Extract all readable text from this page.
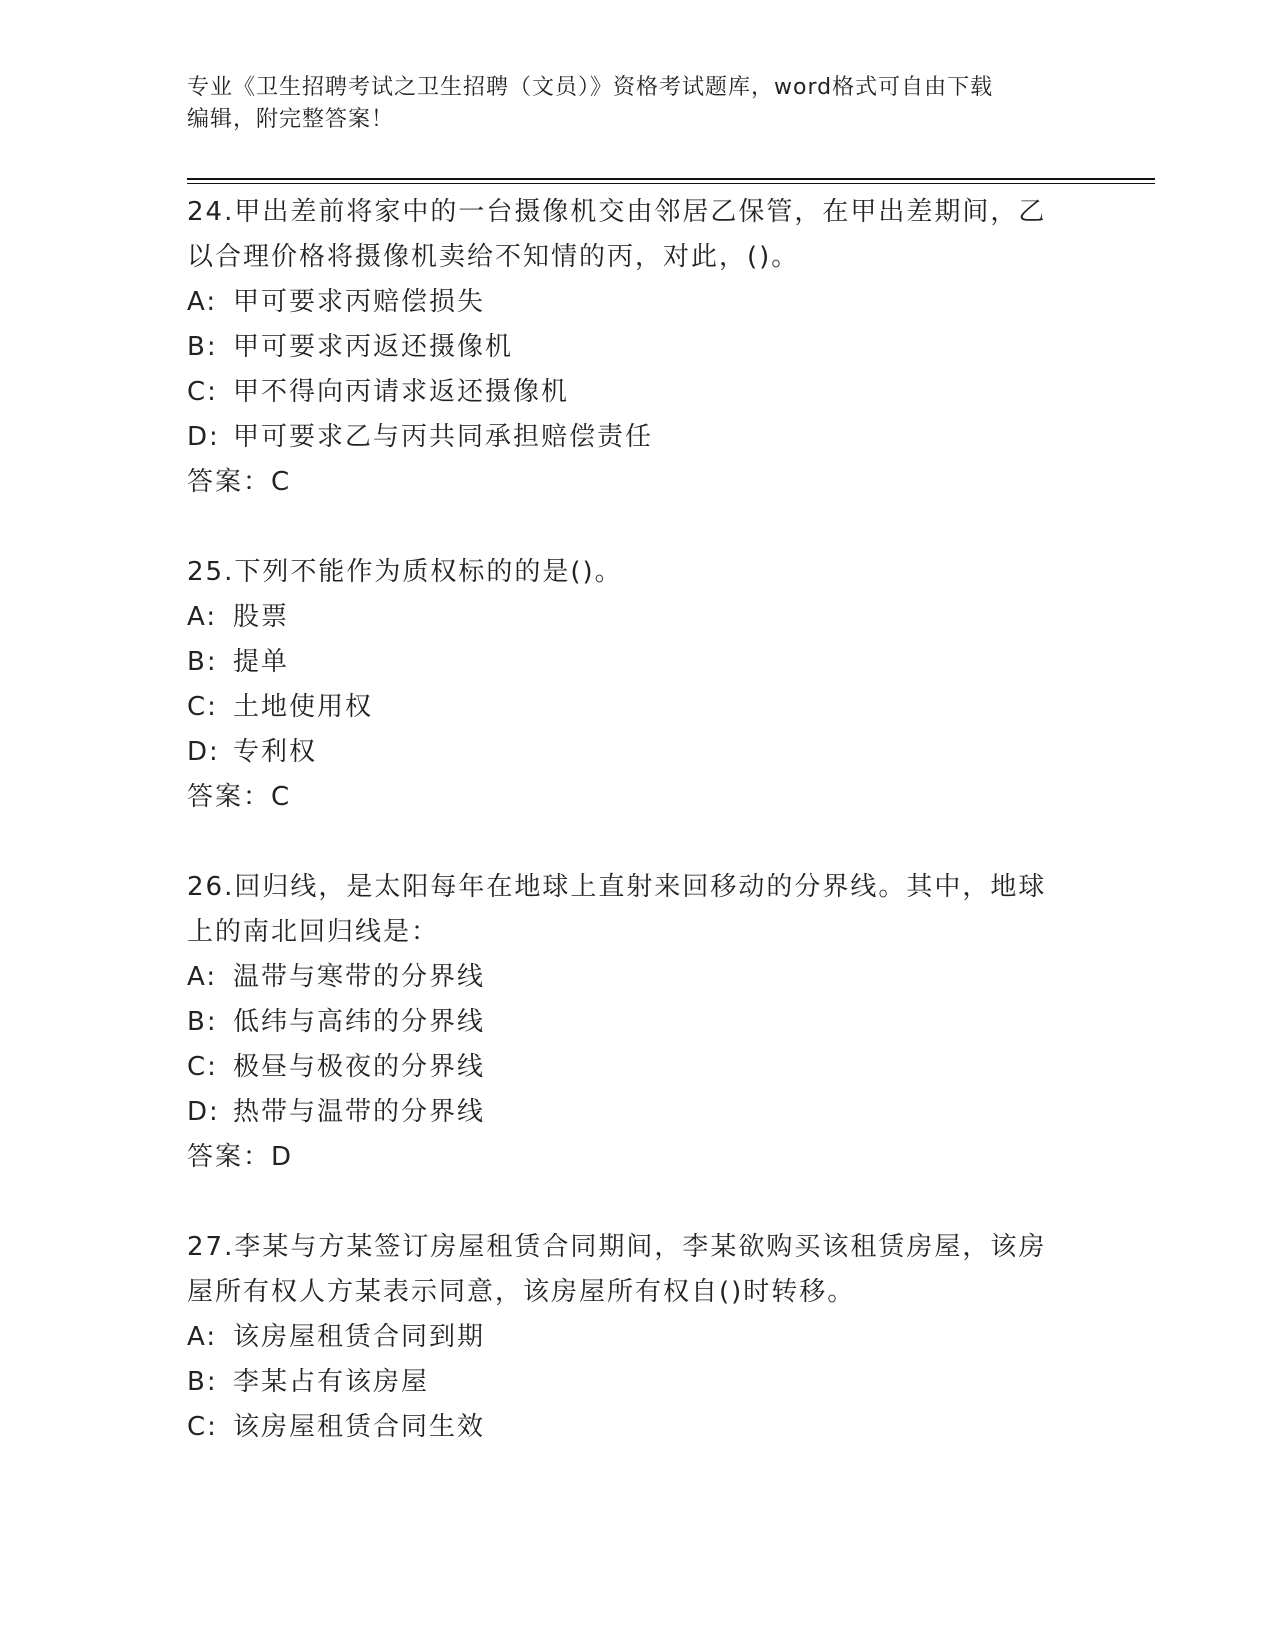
专业《卫生招聘考试之卫生招聘（文员）》资格考试题库，word格式可自由下载
编辑，附完整答案！
24.甲出差前将家中的一台摄像机交由邻居乙保管，在甲出差期间，乙
以合理价格将摄像机卖给不知情的丙，对此，()。
A: 甲可要求丙赔偿损失
B: 甲可要求丙返还摄像机
C: 甲不得向丙请求返还摄像机
D: 甲可要求乙与丙共同承担赔偿责任
答案：C
25.下列不能作为质权标的的是()。
A: 股票
B: 提单
C: 土地使用权
D: 专利权
答案：C
26.回归线，是太阳每年在地球上直射来回移动的分界线。其中，地球
上的南北回归线是：
A: 温带与寒带的分界线
B: 低纬与高纬的分界线
C: 极昼与极夜的分界线
D: 热带与温带的分界线
答案：D
27.李某与方某签订房屋租赁合同期间，李某欲购买该租赁房屋，该房
屋所有权人方某表示同意，该房屋所有权自()时转移。
A: 该房屋租赁合同到期
B: 李某占有该房屋
C: 该房屋租赁合同生效
